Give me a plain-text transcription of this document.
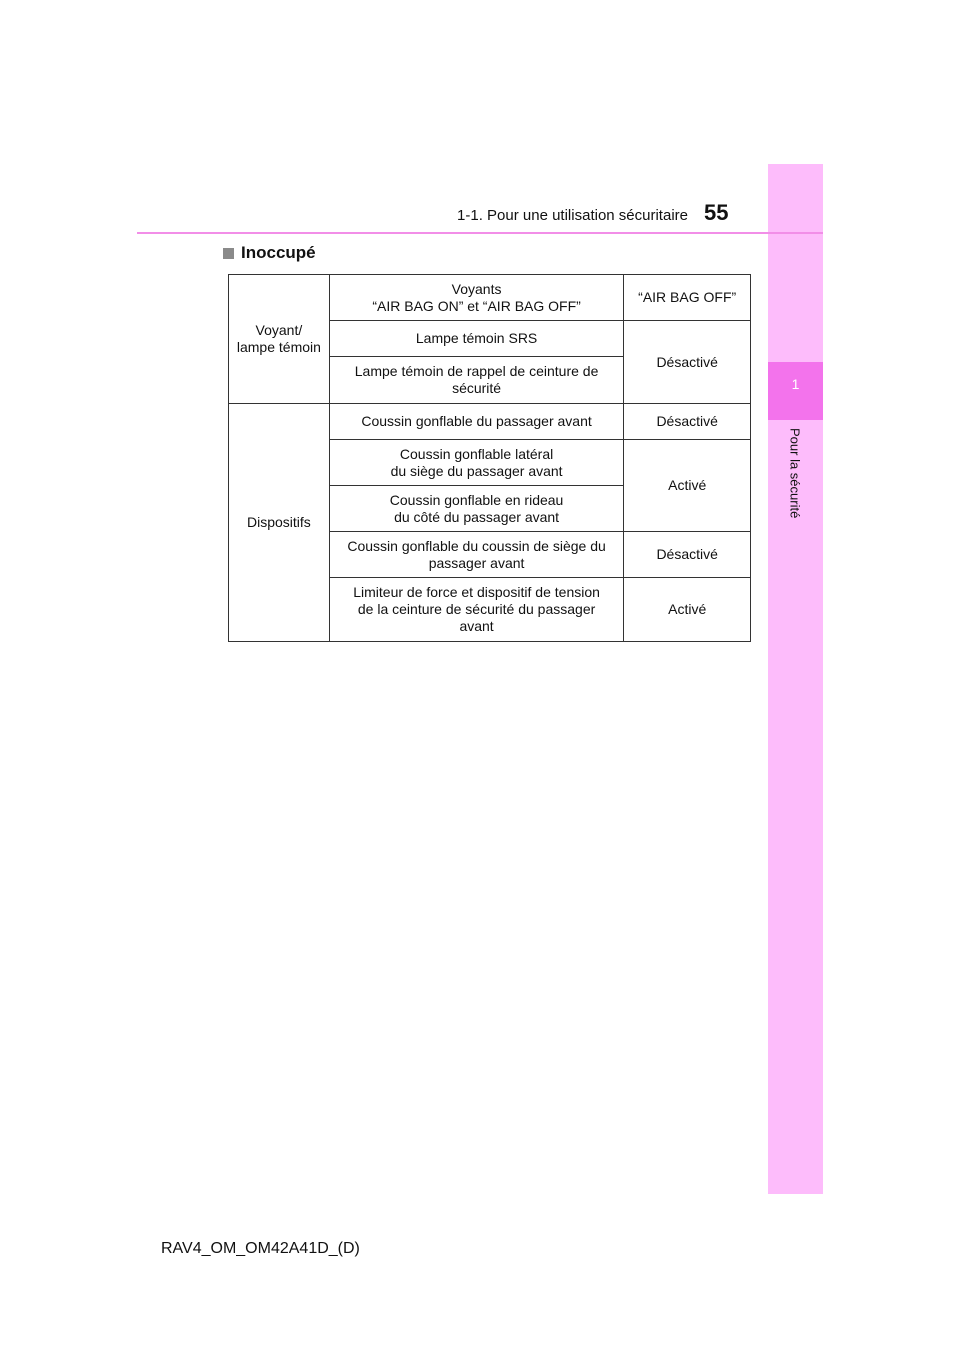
1
Pour la sécurité
1-1. Pour une utilisation sécuritaire 55
Inoccupé
Voyant/
lampe témoin	Voyants
“AIR BAG ON” et “AIR BAG OFF”	“AIR BAG OFF”
	Lampe témoin SRS	Désactivé
	Lampe témoin de rappel de ceinture de
sécurité	
Dispositifs	Coussin gonflable du passager avant	Désactivé
	Coussin gonflable latéral
du siège du passager avant	Activé
	Coussin gonflable en rideau
du côté du passager avant	
	Coussin gonflable du coussin de siège du
passager avant	Désactivé
	Limiteur de force et dispositif de tension
de la ceinture de sécurité du passager
avant	Activé
RAV4_OM_OM42A41D_(D)
